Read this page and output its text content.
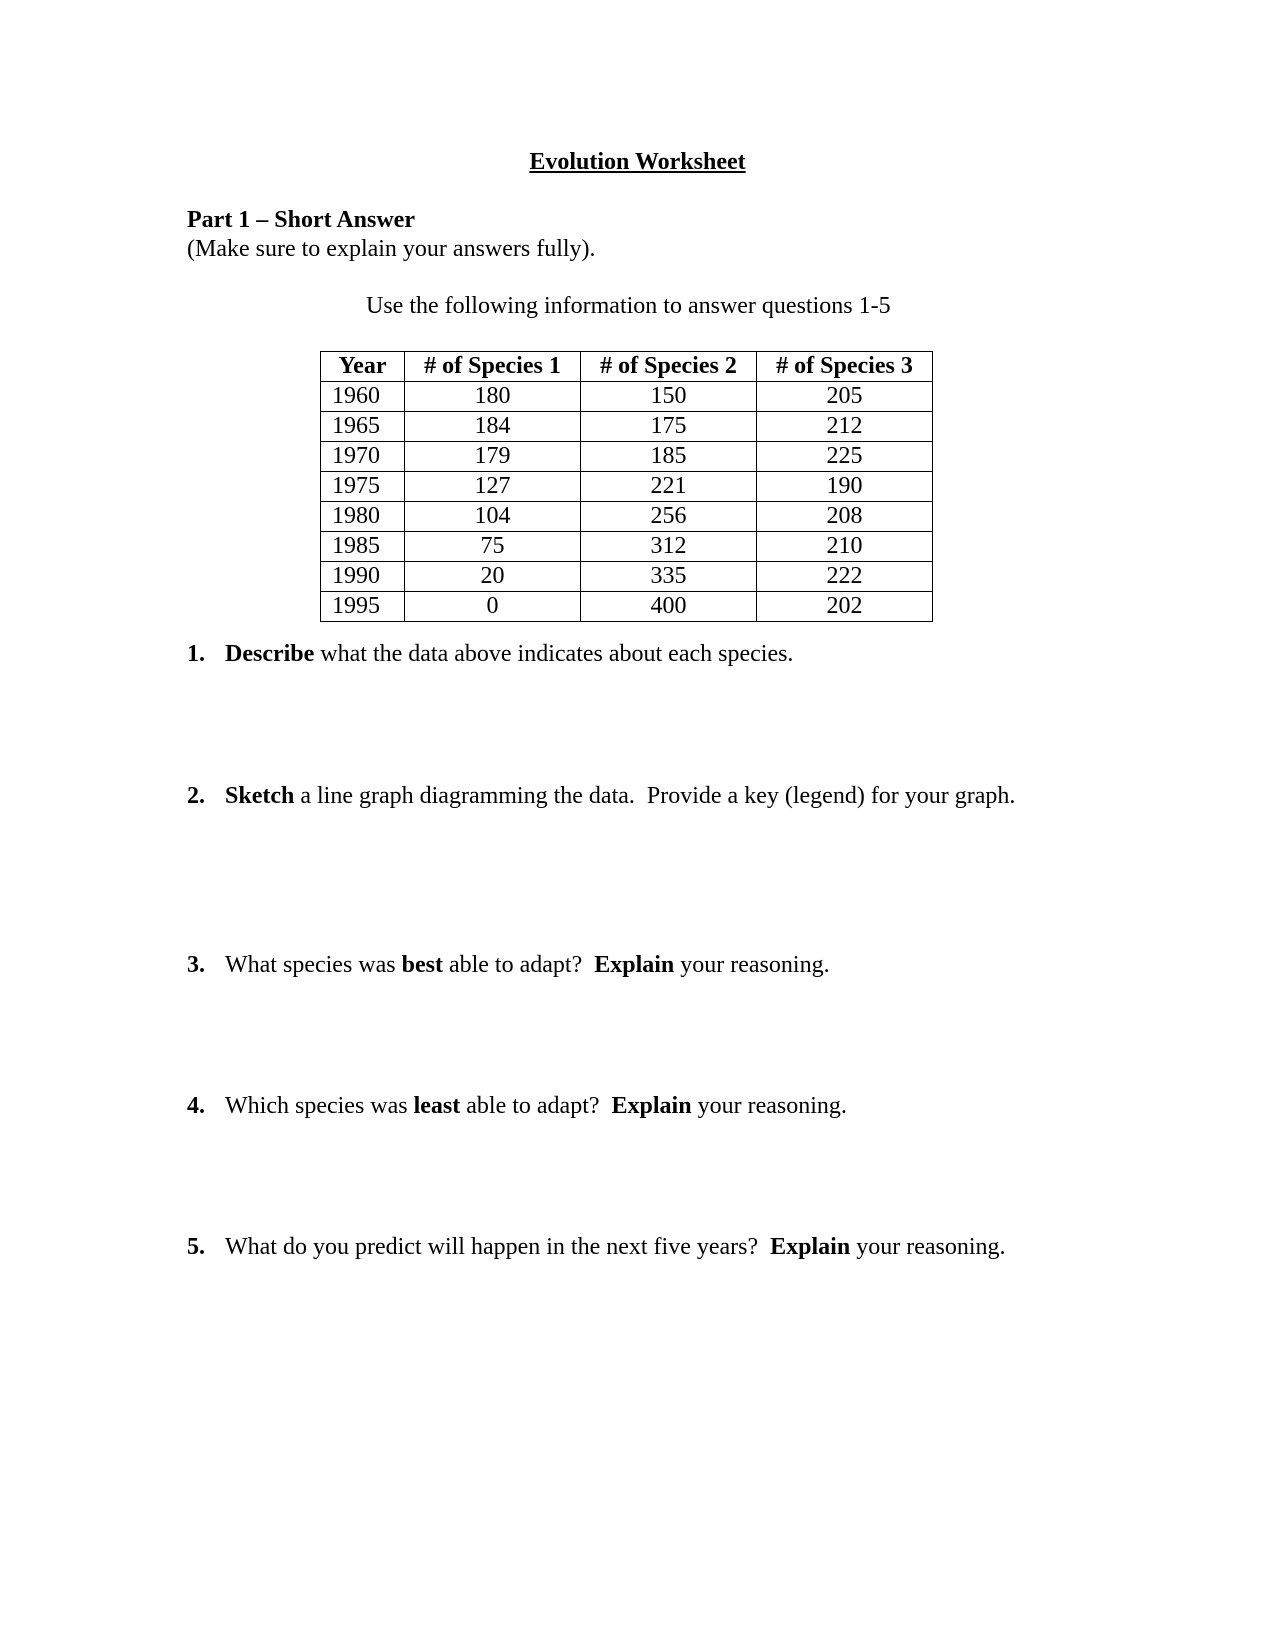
Evolution Worksheet
Part 1 – Short Answer
(Make sure to explain your answers fully).
Use the following information to answer questions 1-5
Year	# of Species 1	# of Species 2	# of Species 3
1960	180	150	205
1965	184	175	212
1970	179	185	225
1975	127	221	190
1980	104	256	208
1985	75	312	210
1990	20	335	222
1995	0	400	202
1. Describe what the data above indicates about each species.
2. Sketch a line graph diagramming the data.  Provide a key (legend) for your graph.
3. What species was best able to adapt?  Explain your reasoning.
4. Which species was least able to adapt?  Explain your reasoning.
5. What do you predict will happen in the next five years?  Explain your reasoning.
